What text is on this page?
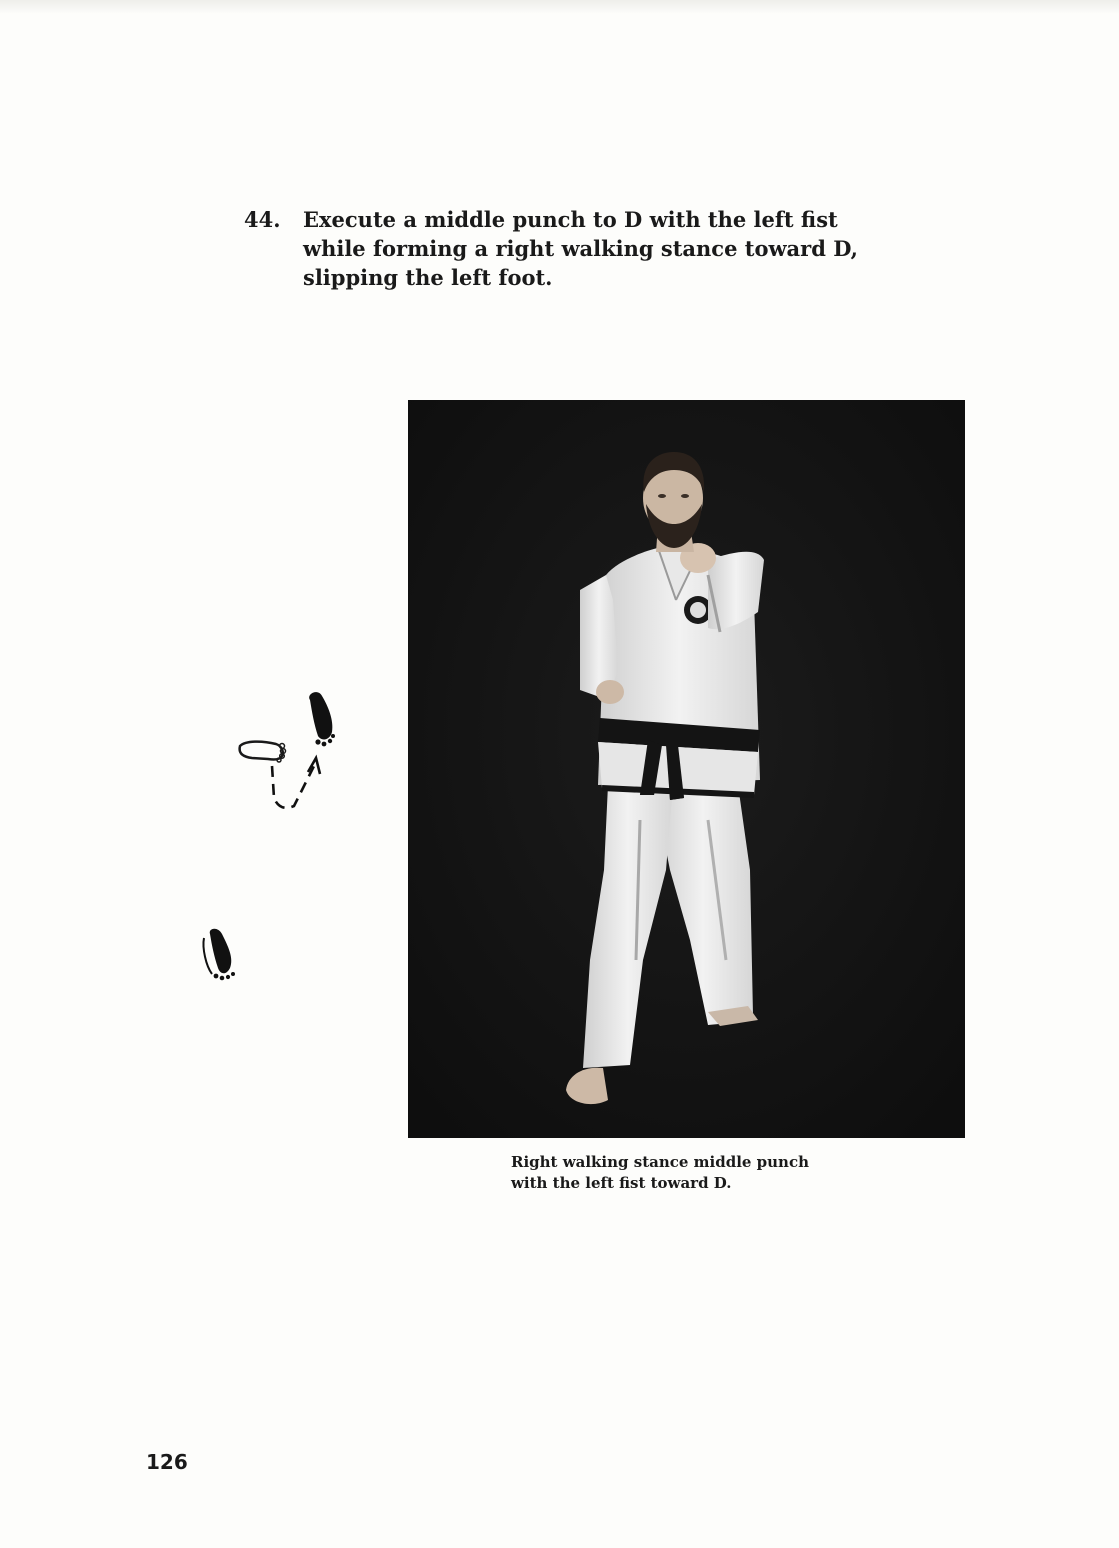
44. Execute a middle punch to D with the left fist while forming a right walking stance toward D, slipping the left foot.
Right walking stance middle punch
with the left fist toward D.
126
